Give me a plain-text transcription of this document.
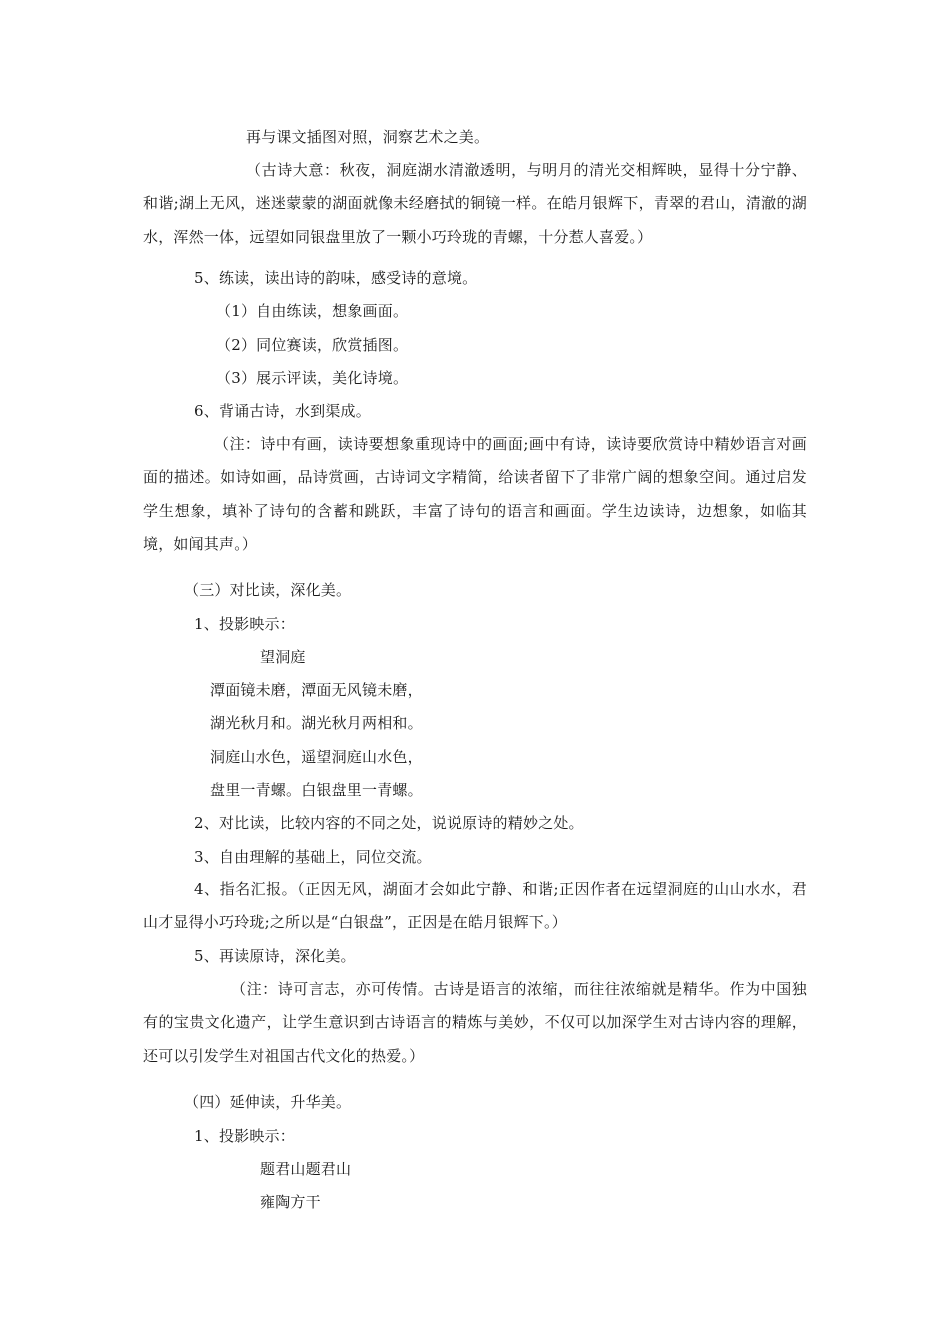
再与课文插图对照，洞察艺术之美。
（古诗大意：秋夜，洞庭湖水清澈透明，与明月的清光交相辉映，显得十分宁静、和谐;湖上无风，迷迷蒙蒙的湖面就像未经磨拭的铜镜一样。在皓月银辉下，青翠的君山，清澈的湖水，浑然一体，远望如同银盘里放了一颗小巧玲珑的青螺，十分惹人喜爱。）
5、练读，读出诗的韵味，感受诗的意境。
（1）自由练读，想象画面。
（2）同位赛读，欣赏插图。
（3）展示评读，美化诗境。
6、背诵古诗，水到渠成。
（注：诗中有画，读诗要想象重现诗中的画面;画中有诗，读诗要欣赏诗中精妙语言对画面的描述。如诗如画，品诗赏画，古诗词文字精简，给读者留下了非常广阔的想象空间。通过启发学生想象，填补了诗句的含蓄和跳跃，丰富了诗句的语言和画面。学生边读诗，边想象，如临其境，如闻其声。）
（三）对比读，深化美。
1、投影映示：
望洞庭
潭面镜未磨，潭面无风镜未磨，
湖光秋月和。湖光秋月两相和。
洞庭山水色，遥望洞庭山水色，
盘里一青螺。白银盘里一青螺。
2、对比读，比较内容的不同之处，说说原诗的精妙之处。
3、自由理解的基础上，同位交流。
4、指名汇报。（正因无风，湖面才会如此宁静、和谐;正因作者在远望洞庭的山山水水，君山才显得小巧玲珑;之所以是“白银盘”，正因是在皓月银辉下。）
5、再读原诗，深化美。
（注：诗可言志，亦可传情。古诗是语言的浓缩，而往往浓缩就是精华。作为中国独有的宝贵文化遗产，让学生意识到古诗语言的精炼与美妙，不仅可以加深学生对古诗内容的理解，还可以引发学生对祖国古代文化的热爱。）
（四）延伸读，升华美。
1、投影映示：
题君山题君山
雍陶方干
